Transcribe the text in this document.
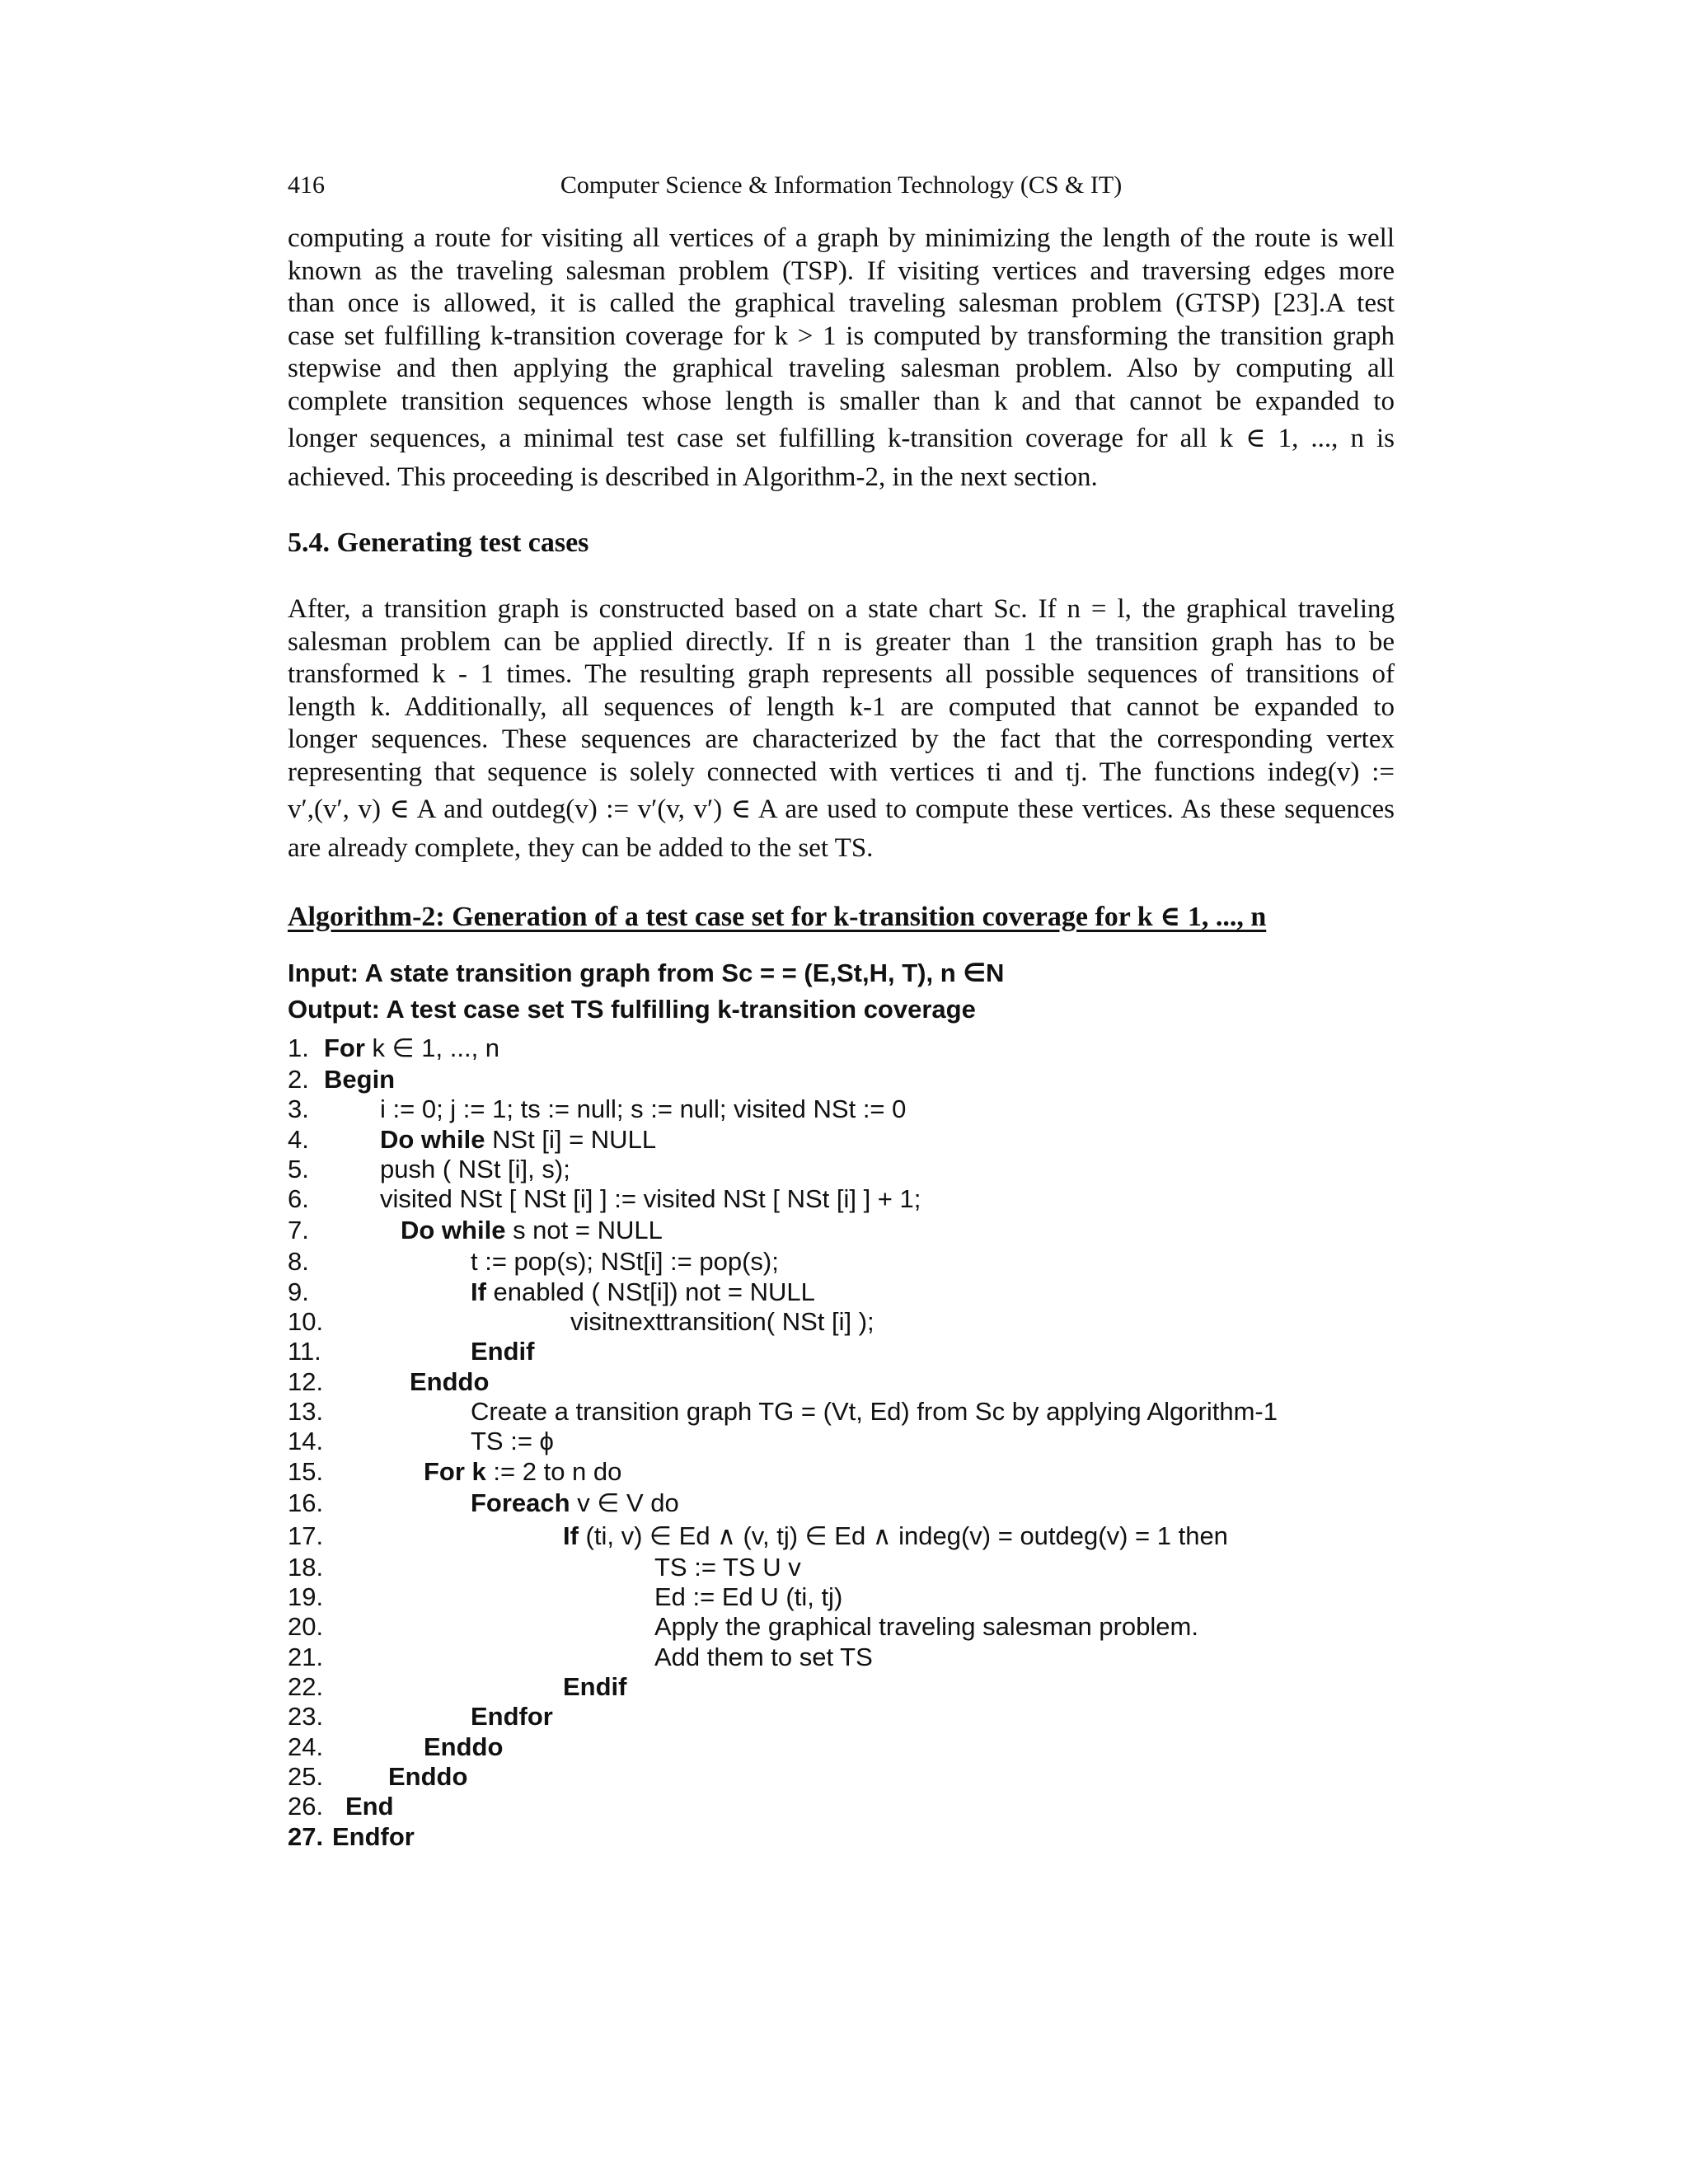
416	Computer Science & Information Technology (CS & IT)
computing a route for visiting all vertices of a graph by minimizing the length of the route is well
known as the traveling salesman problem (TSP). If visiting vertices and traversing edges more
than once is allowed, it is called the graphical traveling salesman problem (GTSP) [23].A test
case set fulfilling k-transition coverage for k > 1 is computed by transforming the transition graph
stepwise and then applying the graphical traveling salesman problem. Also by computing all
complete transition sequences whose length is smaller than k and that cannot be expanded to
longer sequences, a minimal test case set fulfilling k-transition coverage for all k ∈ 1, ..., n is
achieved. This proceeding is described in Algorithm-2, in the next section.
5.4. Generating test cases
After, a transition graph is constructed based on a state chart Sc. If n = l, the graphical traveling
salesman problem can be applied directly. If n is greater than 1 the transition graph has to be
transformed k - 1 times. The resulting graph represents all possible sequences of transitions of
length k. Additionally, all sequences of length k-1 are computed that cannot be expanded to
longer sequences. These sequences are characterized by the fact that the corresponding vertex
representing that sequence is solely connected with vertices ti and tj. The functions indeg(v) :=
v′,(v′, v) ∈ A and outdeg(v) := v′(v, v′) ∈ A are used to compute these vertices. As these sequences
are already complete, they can be added to the set TS.
Algorithm-2: Generation of a test case set for k-transition coverage for k ∈ 1, ..., n
Input: A state transition graph from Sc = = (E,St,H, T), n ∈N
Output: A test case set TS fulfilling k-transition coverage
1. For k ∈ 1, ..., n
2. Begin
3.	i := 0; j := 1; ts := null; s := null; visited NSt := 0
4.	Do while NSt [i] = NULL
5.	push ( NSt [i], s);
6.	visited NSt [ NSt [i] ] := visited NSt [ NSt [i] ] + 1;
7.	Do while s not = NULL
8.	t := pop(s); NSt[i] := pop(s);
9.	If enabled ( NSt[i]) not = NULL
10.	visitnexttransition( NSt [i] );
11.	Endif
12.	Enddo
13.	Create a transition graph TG = (Vt, Ed) from Sc by applying Algorithm-1
14.	TS := ϕ
15.	For k := 2 to n do
16.	Foreach v ∈ V do
17.	If (ti, v) ∈ Ed ∧ (v, tj) ∈ Ed ∧ indeg(v) = outdeg(v) = 1 then
18.	TS := TS U v
19.	Ed := Ed U (ti, tj)
20.	Apply the graphical traveling salesman problem.
21.	Add them to set TS
22.	Endif
23.	Endfor
24.	Enddo
25.	Enddo
26. End
27. Endfor
